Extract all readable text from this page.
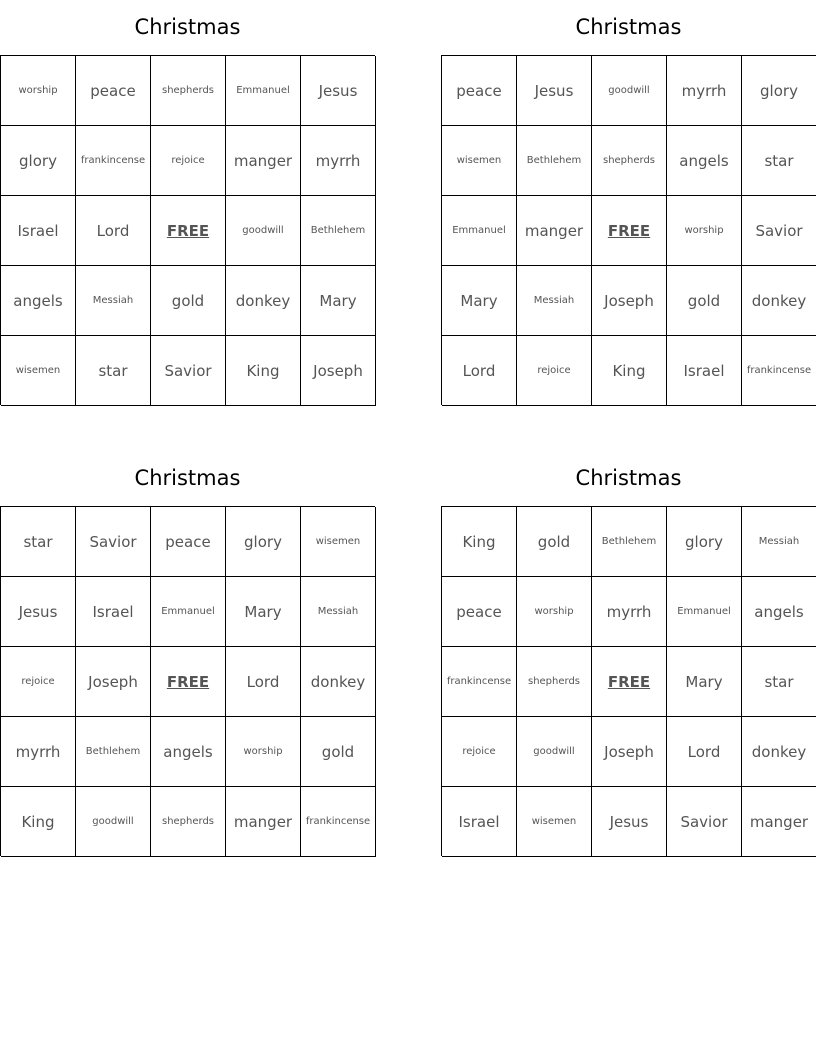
Christmas
worship	peace	shepherds	Emmanuel	Jesus
glory	frankincense	rejoice	manger	myrrh
Israel	Lord	FREE	goodwill	Bethlehem
angels	Messiah	gold	donkey	Mary
wisemen	star	Savior	King	Joseph
Christmas
peace	Jesus	goodwill	myrrh	glory
wisemen	Bethlehem	shepherds	angels	star
Emmanuel	manger	FREE	worship	Savior
Mary	Messiah	Joseph	gold	donkey
Lord	rejoice	King	Israel	frankincense
Christmas
star	Savior	peace	glory	wisemen
Jesus	Israel	Emmanuel	Mary	Messiah
rejoice	Joseph	FREE	Lord	donkey
myrrh	Bethlehem	angels	worship	gold
King	goodwill	shepherds	manger	frankincense
Christmas
King	gold	Bethlehem	glory	Messiah
peace	worship	myrrh	Emmanuel	angels
frankincense	shepherds	FREE	Mary	star
rejoice	goodwill	Joseph	Lord	donkey
Israel	wisemen	Jesus	Savior	manger
